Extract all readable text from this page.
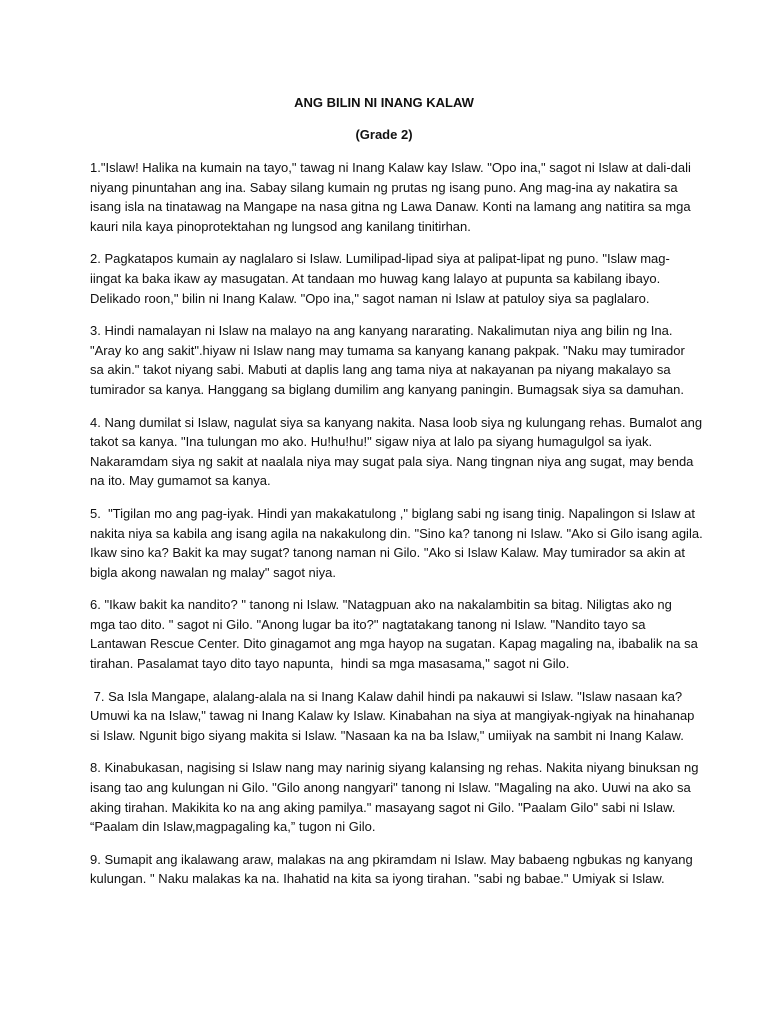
ANG BILIN NI INANG KALAW

(Grade 2)

1."Islaw! Halika na kumain na tayo," tawag ni Inang Kalaw kay Islaw. "Opo ina," sagot ni Islaw at dali-dali
niyang pinuntahan ang ina. Sabay silang kumain ng prutas ng isang puno. Ang mag-ina ay nakatira sa
isang isla na tinatawag na Mangape na nasa gitna ng Lawa Danaw. Konti na lamang ang natitira sa mga
kauri nila kaya pinoprotektahan ng lungsod ang kanilang tinitirhan.

2. Pagkatapos kumain ay naglalaro si Islaw. Lumilipad-lipad siya at palipat-lipat ng puno. "Islaw mag-
iingat ka baka ikaw ay masugatan. At tandaan mo huwag kang lalayo at pupunta sa kabilang ibayo.
Delikado roon," bilin ni Inang Kalaw. "Opo ina," sagot naman ni Islaw at patuloy siya sa paglalaro.

3. Hindi namalayan ni Islaw na malayo na ang kanyang nararating. Nakalimutan niya ang bilin ng Ina.
"Aray ko ang sakit".hiyaw ni Islaw nang may tumama sa kanyang kanang pakpak. "Naku may tumirador
sa akin." takot niyang sabi. Mabuti at daplis lang ang tama niya at nakayanan pa niyang makalayo sa
tumirador sa kanya. Hanggang sa biglang dumilim ang kanyang paningin. Bumagsak siya sa damuhan.

4. Nang dumilat si Islaw, nagulat siya sa kanyang nakita. Nasa loob siya ng kulungang rehas. Bumalot ang
takot sa kanya. "Ina tulungan mo ako. Hu!hu!hu!" sigaw niya at lalo pa siyang humagulgol sa iyak.
Nakaramdam siya ng sakit at naalala niya may sugat pala siya. Nang tingnan niya ang sugat, may benda
na ito. May gumamot sa kanya.

5.  "Tigilan mo ang pag-iyak. Hindi yan makakatulong ," biglang sabi ng isang tinig. Napalingon si Islaw at
nakita niya sa kabila ang isang agila na nakakulong din. "Sino ka? tanong ni Islaw. "Ako si Gilo isang agila.
Ikaw sino ka? Bakit ka may sugat? tanong naman ni Gilo. "Ako si Islaw Kalaw. May tumirador sa akin at
bigla akong nawalan ng malay" sagot niya.

6. "Ikaw bakit ka nandito? " tanong ni Islaw. "Natagpuan ako na nakalambitin sa bitag. Niligtas ako ng
mga tao dito. " sagot ni Gilo. "Anong lugar ba ito?" nagtatakang tanong ni Islaw. "Nandito tayo sa
Lantawan Rescue Center. Dito ginagamot ang mga hayop na sugatan. Kapag magaling na, ibabalik na sa
tirahan. Pasalamat tayo dito tayo napunta,  hindi sa mga masasama," sagot ni Gilo.

7. Sa Isla Mangape, alalang-alala na si Inang Kalaw dahil hindi pa nakauwi si Islaw. "Islaw nasaan ka?
Umuwi ka na Islaw," tawag ni Inang Kalaw ky Islaw. Kinabahan na siya at mangiyak-ngiyak na hinahanap
si Islaw. Ngunit bigo siyang makita si Islaw. "Nasaan ka na ba Islaw," umiiyak na sambit ni Inang Kalaw.

8. Kinabukasan, nagising si Islaw nang may narinig siyang kalansing ng rehas. Nakita niyang binuksan ng
isang tao ang kulungan ni Gilo. "Gilo anong nangyari" tanong ni Islaw. "Magaling na ako. Uuwi na ako sa
aking tirahan. Makikita ko na ang aking pamilya." masayang sagot ni Gilo. "Paalam Gilo" sabi ni Islaw.
“Paalam din Islaw,magpagaling ka,” tugon ni Gilo.

9. Sumapit ang ikalawang araw, malakas na ang pkiramdam ni Islaw. May babaeng ngbukas ng kanyang
kulungan. " Naku malakas ka na. Ihahatid na kita sa iyong tirahan. "sabi ng babae." Umiyak si Islaw.
